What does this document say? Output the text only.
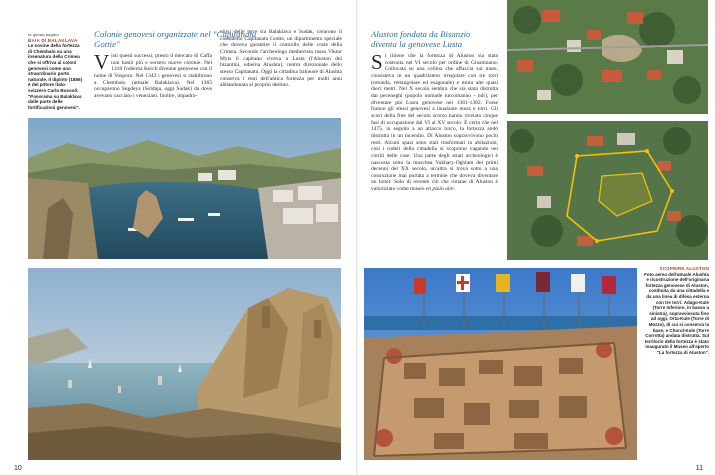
in questa pagina
BAIA DI BALAKLAVA
Le sovine della fortezza di Chembalo su una insenatura della Crimea che si offriva ai coloni genovesi come uno straordinario porto naturale. Il dipinto (1856) è del pittore italo-svizzero Carlo Bossoli: "Panorama su Balaklava dalle parte delle fortificazioni genovesi".
Colonie genovesi organizzate nel "Capitanatu Gottie"
V isti questi successi, presto il mercato di Caffa non bastò più e sorsero nuove colonie. Nel 1318 l'odierna Kerch divenne genovese con il nome di Vosporo. Nel 1343 i genovesi si stabilirono a Chembalo (attuale Balaklava). Nel 1365 occuparono Sugdeya (Soldaja, oggi Sudak) da dove avevano cacciato i veneziani. Inoltre, impadro-
nitisi delle terre tra Balaklava e Sudak, crearono il cosiddetto Capitanatu Gottie, un dipartimento speciale che doveva garantire il controllo delle coste della Crimea. Secondo l'archeologo medievista russo Viktor Myts il capitano viveva a Lusta (l'Aluston dei bizantini, odierna Alushta), centro direzionale dello stesso Capitanatu. Oggi la cittadina balneare di Alushta conserva i resti dell'antica fortezza per molti anni abbandonata al proprio destino.
10
Aluston fondata da Bisanzio diventa la genovese Lusta
S i ritiene che la fortezza di Aluston sia stata costruita nel VI secolo per ordine di Giustiniano. Collocata su una collina che affaccia sul mare, consisteva in un quadrilatero irregolare con tre torri (rotonda, rettangolare ed esagonale) e mura alte quasi dieci metri. Nel X secolo sembra che sia stata distrutta dai peceneghi (popolo nomade turcomanno - ndr), per diventare poi Lusta genovese nel 1381-1382. Forse furono gli stessi genovesi a innalzare mura e torri. Gli scavi della fine del secolo scorso hanno rivelato cinque fasi di occupazione dal VI al XV secolo. È certo che nel 1475, in seguito a un attacco turco, la fortezza andò distrutta in un incendio. Di Aluston sopravvivono pochi resti. Alcuni spazi sono stati trasformati in abitazioni, così i ruderi della cittadella si scoprono vagando nei cortili delle case. Una parte degli strati archeologici è nascosta sotto la moschea Yukhary-Oghlam dei primi decenni del XX secolo, un'altra si trova sotto a una costruzione mai portata a termine che doveva diventare un hotel. Solo di recente ciò che rimane di Aluston è valorizzato come museo en plain aire.
SCOPRIRE ALUSTON
Foto aerea dell'attuale Alushta e ricostruzione dell'originaria fortezza genovese di Aluston, costituita da una cittadella e da una linea di difesa esterna con tre torri: Adago-Kule (Torre Inferiore, in basso a sinistra), sopravvissuta fino ad oggi, Orta-Kule (Torre di Mezzo), di cui si conserva la base, e Chorul-Kule (Torre Corrotta) andata distrutta. Sul territorio della fortezza è stato inaugurato il Museo all'aperto "La fortezza di Aluston".
11
